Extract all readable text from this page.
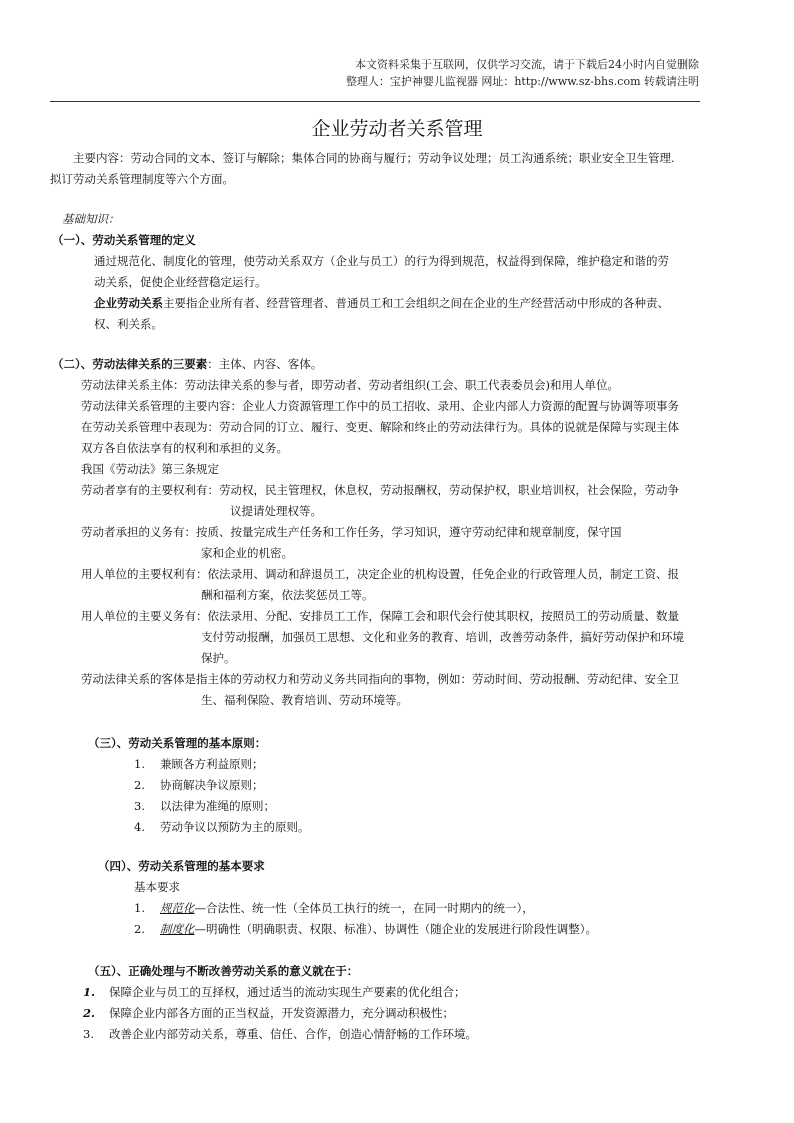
本文资料采集于互联网，仅供学习交流，请于下载后24小时内自觉删除
整理人：宝护神婴儿监视器 网址：http://www.sz-bhs.com 转载请注明
企业劳动者关系管理
主要内容：劳动合同的文本、签订与解除；集体合同的协商与履行；劳动争议处理；员工沟通系统；职业安全卫生管理.
拟订劳动关系管理制度等六个方面。
基础知识：
（一）、劳动关系管理的定义
通过规范化、制度化的管理，使劳动关系双方（企业与员工）的行为得到规范，权益得到保障，维护稳定和谐的劳
动关系，促使企业经营稳定运行。
企业劳动关系主要指企业所有者、经营管理者、普通员工和工会组织之间在企业的生产经营活动中形成的各种责、
权、利关系。
（二）、劳动法律关系的三要素：主体、内容、客体。
劳动法律关系主体：劳动法律关系的参与者，即劳动者、劳动者组织(工会、职工代表委员会)和用人单位。
劳动法律关系管理的主要内容：企业人力资源管理工作中的员工招收、录用、企业内部人力资源的配置与协调等项事务
在劳动关系管理中表现为：劳动合同的订立、履行、变更、解除和终止的劳动法律行为。具体的说就是保障与实现主体
双方各自依法享有的权利和承担的义务。
我国《劳动法》第三条规定
劳动者享有的主要权利有：劳动权，民主管理权，休息权，劳动报酬权，劳动保护权，职业培训权，社会保险，劳动争
议提请处理权等。
劳动者承担的义务有：按质、按量完成生产任务和工作任务，学习知识，遵守劳动纪律和规章制度，保守国
家和企业的机密。
用人单位的主要权利有：依法录用、调动和辞退员工，决定企业的机构设置，任免企业的行政管理人员，制定工资、报
酬和福利方案，依法奖惩员工等。
用人单位的主要义务有：依法录用、分配、安排员工工作，保障工会和职代会行使其职权，按照员工的劳动质量、数量
支付劳动报酬，加强员工思想、文化和业务的教育、培训，改善劳动条件，搞好劳动保护和环境
保护。
劳动法律关系的客体是指主体的劳动权力和劳动义务共同指向的事物，例如：劳动时间、劳动报酬、劳动纪律、安全卫
生、福利保险、教育培训、劳动环境等。
（三）、劳动关系管理的基本原则：
1. 兼顾各方利益原则；
2. 协商解决争议原则；
3. 以法律为准绳的原则；
4. 劳动争议以预防为主的原则。
（四）、劳动关系管理的基本要求
基本要求
1. 规范化—合法性、统一性（全体员工执行的统一，在同一时期内的统一），
2. 制度化—明确性（明确职责、权限、标准）、协调性（随企业的发展进行阶段性调整）。
（五）、正确处理与不断改善劳动关系的意义就在于：
1. 保障企业与员工的互择权，通过适当的流动实现生产要素的优化组合；
2. 保障企业内部各方面的正当权益，开发资源潜力，充分调动积极性；
3. 改善企业内部劳动关系，尊重、信任、合作，创造心情舒畅的工作环境。
